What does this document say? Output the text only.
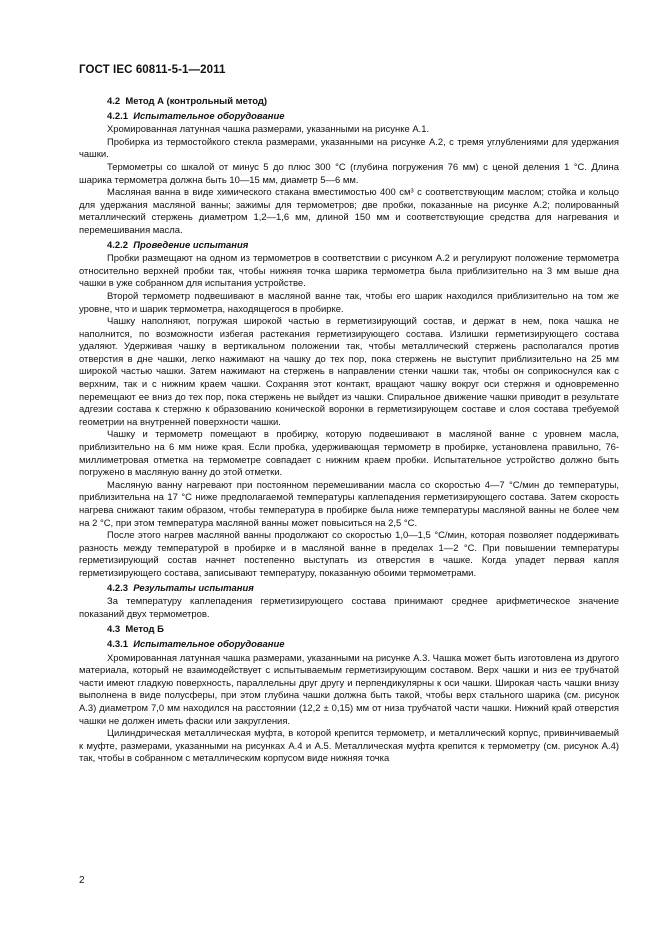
ГОСТ IEC 60811-5-1—2011

4.2 Метод А (контрольный метод)

4.2.1 Испытательное оборудование

Хромированная латунная чашка размерами, указанными на рисунке А.1.

Пробирка из термостойкого стекла размерами, указанными на рисунке А.2, с тремя углублениями для удержания чашки.

Термометры со шкалой от минус 5 до плюс 300 °С (глубина погружения 76 мм) с ценой деления 1 °С. Длина шарика термометра должна быть 10—15 мм, диаметр 5—6 мм.

Масляная ванна в виде химического стакана вместимостью 400 см³ с соответствующим маслом; стойка и кольцо для удержания масляной ванны; зажимы для термометров; две пробки, показанные на рисунке А.2; полированный металлический стержень диаметром 1,2—1,6 мм, длиной 150 мм и соответствующие средства для нагревания и перемешивания масла.

4.2.2 Проведение испытания

Пробки размещают на одном из термометров в соответствии с рисунком А.2 и регулируют положение термометра относительно верхней пробки так, чтобы нижняя точка шарика термометра была приблизительно на 3 мм выше дна чашки в уже собранном для испытания устройстве.

Второй термометр подвешивают в масляной ванне так, чтобы его шарик находился приблизительно на том же уровне, что и шарик термометра, находящегося в пробирке.

Чашку наполняют, погружая широкой частью в герметизирующий состав, и держат в нем, пока чашка не наполнится, по возможности избегая растекания герметизирующего состава. Излишки герметизирующего состава удаляют. Удерживая чашку в вертикальном положении так, чтобы металлический стержень располагался против отверстия в дне чашки, легко нажимают на чашку до тех пор, пока стержень не выступит приблизительно на 25 мм широкой частью чашки. Затем нажимают на стержень в направлении стенки чашки так, чтобы он соприкоснулся как с верхним, так и с нижним краем чашки. Сохраняя этот контакт, вращают чашку вокруг оси стержня и одновременно перемещают ее вниз до тех пор, пока стержень не выйдет из чашки. Спиральное движение чашки приводит в результате адгезии состава к стержню к образованию конической воронки в герметизирующем составе и слоя состава требуемой геометрии на внутренней поверхности чашки.

Чашку и термометр помещают в пробирку, которую подвешивают в масляной ванне с уровнем масла, приблизительно на 6 мм ниже края. Если пробка, удерживающая термометр в пробирке, установлена правильно, 76-миллиметровая отметка на термометре совпадает с нижним краем пробки. Испытательное устройство должно быть погружено в масляную ванну до этой отметки.

Масляную ванну нагревают при постоянном перемешивании масла со скоростью 4—7 °С/мин до температуры, приблизительна на 17 °С ниже предполагаемой температуры каплепадения герметизирующего состава. Затем скорость нагрева снижают таким образом, чтобы температура в пробирке была ниже температуры масляной ванны не более чем на 2 °С, при этом температура масляной ванны может повыситься на 2,5 °С.

После этого нагрев масляной ванны продолжают со скоростью 1,0—1,5 °С/мин, которая позволяет поддерживать разность между температурой в пробирке и в масляной ванне в пределах 1—2 °С. При повышении температуры герметизирующий состав начнет постепенно выступать из отверстия в чашке. Когда упадет первая капля герметизирующего состава, записывают температуру, показанную обоими термометрами.

4.2.3 Результаты испытания

За температуру каплепадения герметизирующего состава принимают среднее арифметическое значение показаний двух термометров.

4.3 Метод Б

4.3.1 Испытательное оборудование

Хромированная латунная чашка размерами, указанными на рисунке А.3. Чашка может быть изготовлена из другого материала, который не взаимодействует с испытываемым герметизирующим составом. Верх чашки и низ ее трубчатой части имеют гладкую поверхность, параллельны друг другу и перпендикулярны к оси чашки. Широкая часть чашки внизу выполнена в виде полусферы, при этом глубина чашки должна быть такой, чтобы верх стального шарика (см. рисунок А.3) диаметром 7,0 мм находился на расстоянии (12,2 ± 0,15) мм от низа трубчатой части чашки. Нижний край отверстия чашки не должен иметь фаски или закругления.

Цилиндрическая металлическая муфта, в которой крепится термометр, и металлический корпус, привинчиваемый к муфте, размерами, указанными на рисунках А.4 и А.5. Металлическая муфта крепится к термометру (см. рисунок А.4) так, чтобы в собранном с металлическим корпусом виде нижняя точка

2
